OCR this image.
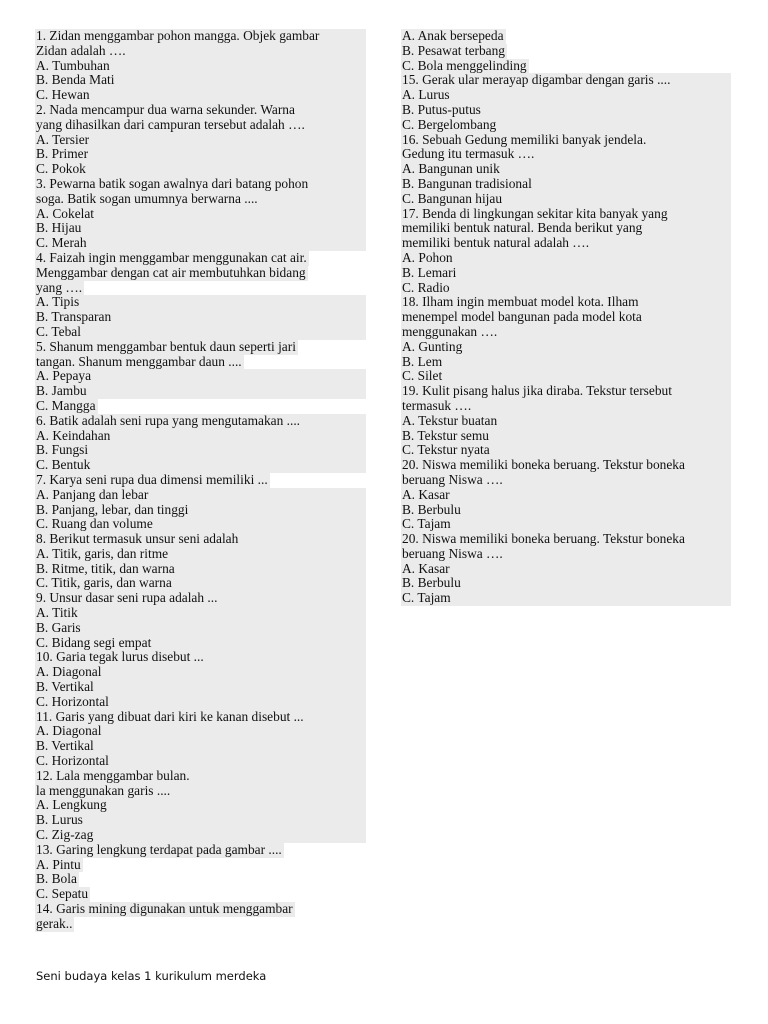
1. Zidan menggambar pohon mangga. Objek gambar
Zidan adalah ….
A. Tumbuhan
B. Benda Mati
C. Hewan
2. Nada mencampur dua warna sekunder. Warna
yang dihasilkan dari campuran tersebut adalah ….
A. Tersier
B. Primer
C. Pokok
3. Pewarna batik sogan awalnya dari batang pohon
soga. Batik sogan umumnya berwarna ....
A. Cokelat
B. Hijau
C. Merah
4. Faizah ingin menggambar menggunakan cat air.
Menggambar dengan cat air membutuhkan bidang
yang ….
A. Tipis
B. Transparan
C. Tebal
5. Shanum menggambar bentuk daun seperti jari
tangan. Shanum menggambar daun ....
A. Pepaya
B. Jambu
C. Mangga
6. Batik adalah seni rupa yang mengutamakan ....
A. Keindahan
B. Fungsi
C. Bentuk
7. Karya seni rupa dua dimensi memiliki ...
A. Panjang dan lebar
B. Panjang, lebar, dan tinggi
C. Ruang dan volume
8. Berikut termasuk unsur seni adalah
A. Titik, garis, dan ritme
B. Ritme, titik, dan warna
C. Titik, garis, dan warna
9. Unsur dasar seni rupa adalah ...
A. Titik
B. Garis
C. Bidang segi empat
10. Garia tegak lurus disebut ...
A. Diagonal
B. Vertikal
C. Horizontal
11. Garis yang dibuat dari kiri ke kanan disebut ...
A. Diagonal
B. Vertikal
C. Horizontal
12. Lala menggambar bulan.
la menggunakan garis ....
A. Lengkung
B. Lurus
C. Zig-zag
13. Garing lengkung terdapat pada gambar ....
A. Pintu
B. Bola
C. Sepatu
14. Garis mining digunakan untuk menggambar
gerak..
A. Anak bersepeda
B. Pesawat terbang
C. Bola menggelinding
15. Gerak ular merayap digambar dengan garis ....
A. Lurus
B. Putus-putus
C. Bergelombang
16. Sebuah Gedung memiliki banyak jendela.
Gedung itu termasuk ….
A. Bangunan unik
B. Bangunan tradisional
C. Bangunan hijau
17. Benda di lingkungan sekitar kita banyak yang
memiliki bentuk natural. Benda berikut yang
memiliki bentuk natural adalah ….
A. Pohon
B. Lemari
C. Radio
18. Ilham ingin membuat model kota. Ilham
menempel model bangunan pada model kota
menggunakan ….
A. Gunting
B. Lem
C. Silet
19. Kulit pisang halus jika diraba. Tekstur tersebut
termasuk ….
A. Tekstur buatan
B. Tekstur semu
C. Tekstur nyata
20. Niswa memiliki boneka beruang. Tekstur boneka
beruang Niswa ….
A. Kasar
B. Berbulu
C. Tajam
20. Niswa memiliki boneka beruang. Tekstur boneka
beruang Niswa ….
A. Kasar
B. Berbulu
C. Tajam
Seni budaya kelas 1 kurikulum merdeka
